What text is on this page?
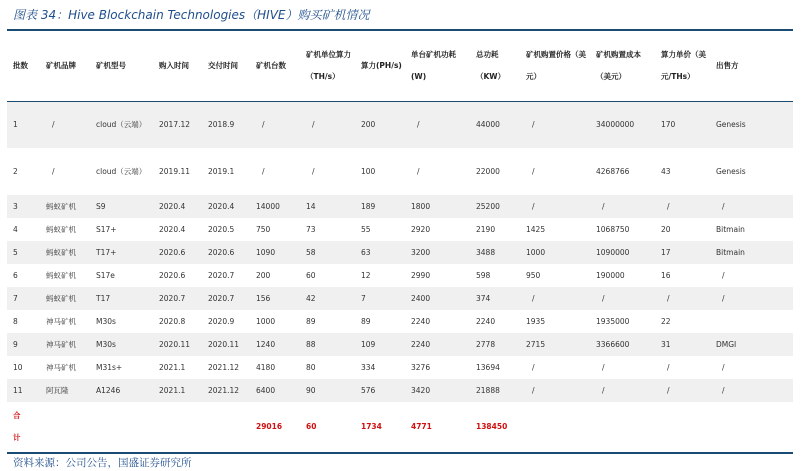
图表 34：Hive Blockchain Technologies（HIVE）购买矿机情况
批数	矿机品牌	矿机型号	购入时间	交付时间	矿机台数	矿机单位算力（TH/s）	算力(PH/s)	单台矿机功耗(W)	总功耗（KW）	矿机购置价格（美元）	矿机购置成本（美元）	算力单价（美元/THs）	出售方
1	/	cloud（云端）	2017.12	2018.9	/	/	200	/	44000	/	34000000	170	Genesis
2	/	cloud（云端）	2019.11	2019.1	/	/	100	/	22000	/	4268766	43	Genesis
3	蚂蚁矿机	S9	2020.4	2020.4	14000	14	189	1800	25200	/	/	/	/
4	蚂蚁矿机	S17+	2020.4	2020.5	750	73	55	2920	2190	1425	1068750	20	Bitmain
5	蚂蚁矿机	T17+	2020.6	2020.6	1090	58	63	3200	3488	1000	1090000	17	Bitmain
6	蚂蚁矿机	S17e	2020.6	2020.7	200	60	12	2990	598	950	190000	16	/
7	蚂蚁矿机	T17	2020.7	2020.7	156	42	7	2400	374	/	/	/	/
8	神马矿机	M30s	2020.8	2020.9	1000	89	89	2240	2240	1935	1935000	22	
9	神马矿机	M30s	2020.11	2020.11	1240	88	109	2240	2778	2715	3366600	31	DMGI
10	神马矿机	M31s+	2021.1	2021.12	4180	80	334	3276	13694	/	/	/	/
11	阿瓦隆	A1246	2021.1	2021.12	6400	90	576	3420	21888	/	/	/	/
合计					29016	60	1734	4771	138450				
资料来源：公司公告，国盛证券研究所
